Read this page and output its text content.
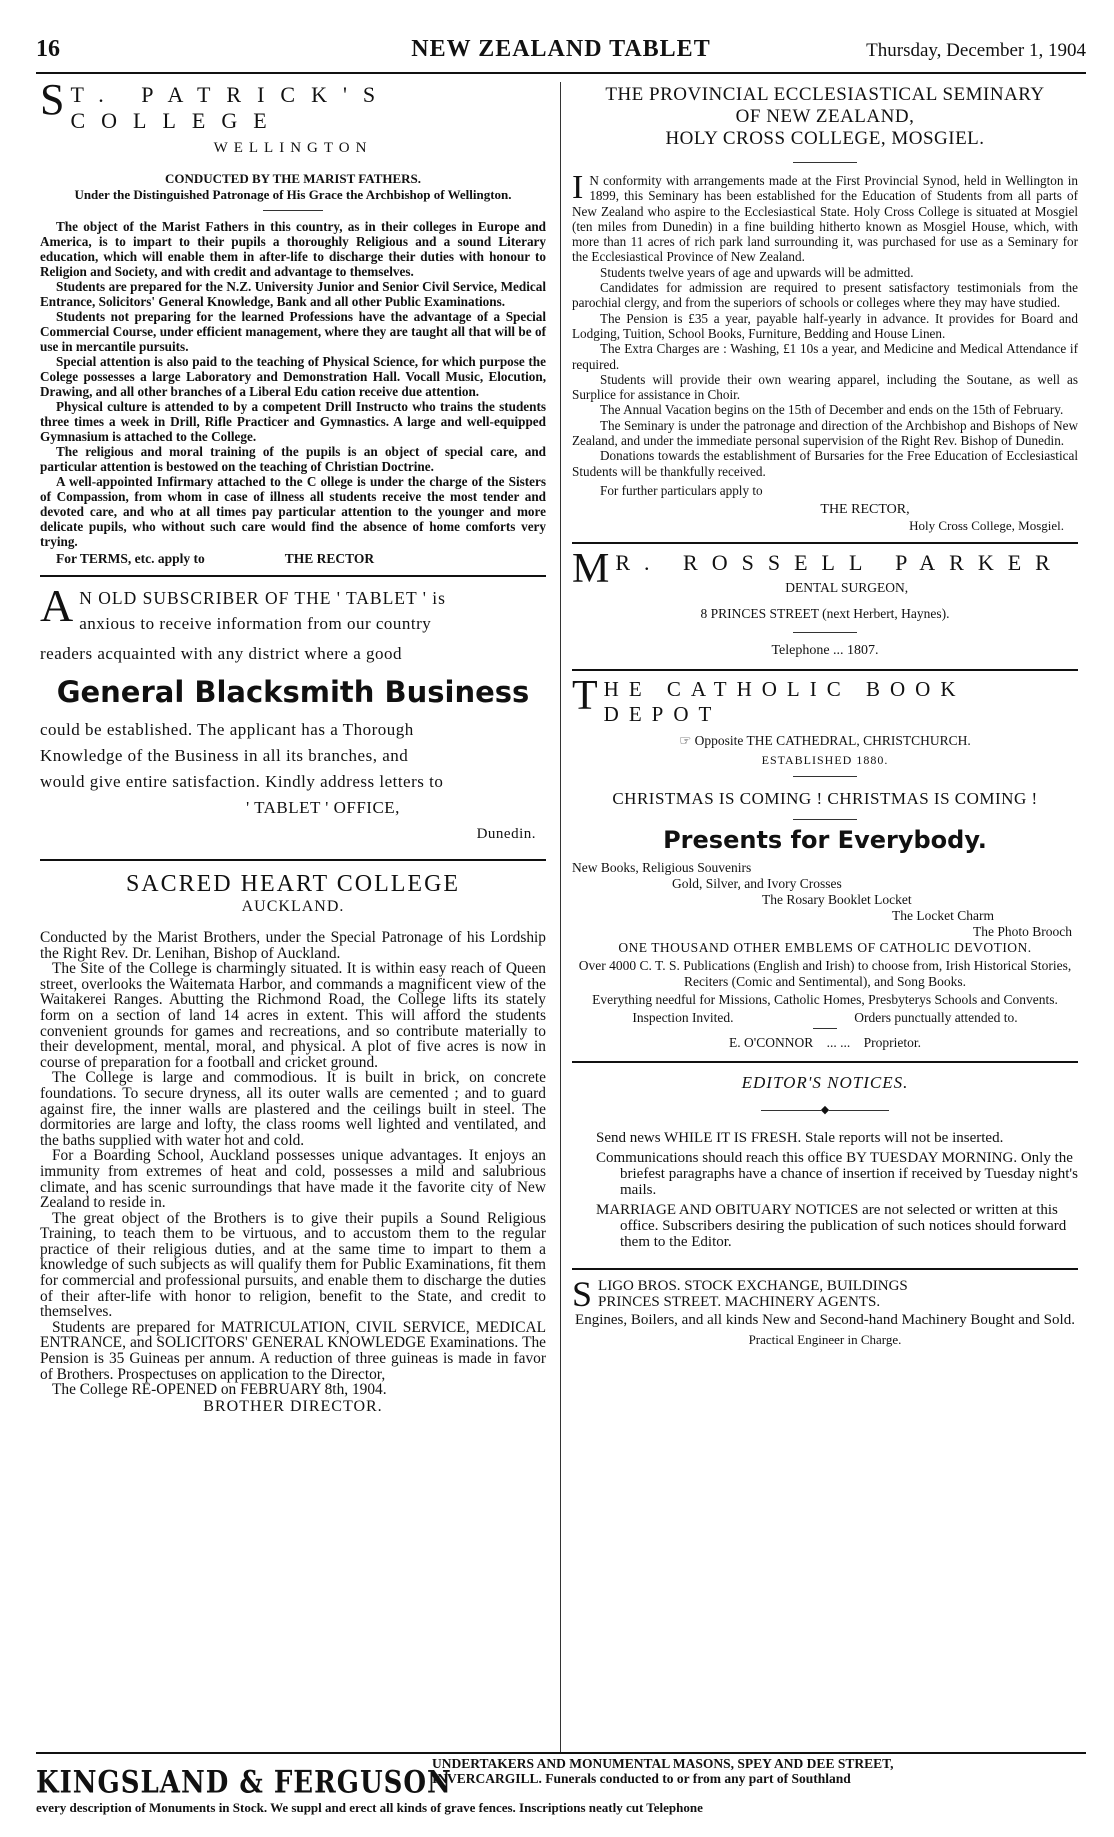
16	NEW ZEALAND TABLET	Thursday, December 1, 1904
S T. PATRICK'S COLLEGE
WELLINGTON
CONDUCTED BY THE MARIST FATHERS.
Under the Distinguished Patronage of His Grace the Archbishop of Wellington.

The object of the Marist Fathers in this country, as in their colleges in Europe and America, is to impart to their pupils a thoroughly Religious and a sound Literary education, which will enable them in after-life to discharge their duties with honour to Religion and Society, and with credit and advantage to themselves.

Students are prepared for the N.Z. University Junior and Senior Civil Service, Medical Entrance, Solicitors' General Knowledge, Bank and all other Public Examinations.

Students not preparing for the learned Professions have the advantage of a Special Commercial Course, under efficient management, where they are taught all that will be of use in mercantile pursuits.

Special attention is also paid to the teaching of Physical Science, for which purpose the Colege possesses a large Laboratory and Demonstration Hall. Vocall Music, Elocution, Drawing, and all other branches of a Liberal Edu cation receive due attention.

Physical culture is attended to by a competent Drill Instructo who trains the students three times a week in Drill, Rifle Practicer and Gymnastics. A large and well-equipped Gymnasium is attached to the College.

The religious and moral training of the pupils is an object of special care, and particular attention is bestowed on the teaching of Christian Doctrine.

A well-appointed Infirmary attached to the C ollege is under the charge of the Sisters of Compassion, from whom in case of illness all students receive the most tender and devoted care, and who at all times pay particular attention to the younger and more delicate pupils, who without such care would find the absence of home comforts very trying.

For TERMS, etc. apply to	THE RECTOR
A N OLD SUBSCRIBER OF THE ' TABLET ' is
anxious to receive information from our country
readers acquainted with any district where a good
General Blacksmith Business
could be established. The applicant has a Thorough
Knowledge of the Business in all its branches, and
would give entire satisfaction. Kindly address letters to
' TABLET ' OFFICE,
Dunedin.
SACRED HEART COLLEGE
AUCKLAND.

Conducted by the Marist Brothers, under the Special Patronage of his Lordship the Right Rev. Dr. Lenihan, Bishop of Auckland.

The Site of the College is charmingly situated. It is within easy reach of Queen street, overlooks the Waitemata Harbor, and commands a magnificent view of the Waitakerei Ranges. Abutting the Richmond Road, the College lifts its stately form on a section of land 14 acres in extent. This will afford the students convenient grounds for games and recreations, and so contribute materially to their development, mental, moral, and physical. A plot of five acres is now in course of preparation for a football and cricket ground.

The College is large and commodious. It is built in brick, on concrete foundations. To secure dryness, all its outer walls are cemented ; and to guard against fire, the inner walls are plastered and the ceilings built in steel. The dormitories are large and lofty, the class rooms well lighted and ventilated, and the baths supplied with water hot and cold.

For a Boarding School, Auckland possesses unique advantages. It enjoys an immunity from extremes of heat and cold, possesses a mild and salubrious climate, and has scenic surroundings that have made it the favorite city of New Zealand to reside in.

The great object of the Brothers is to give their pupils a Sound Religious Training, to teach them to be virtuous, and to accustom them to the regular practice of their religious duties, and at the same time to impart to them a knowledge of such subjects as will qualify them for Public Examinations, fit them for commercial and professional pursuits, and enable them to discharge the duties of their after-life with honor to religion, benefit to the State, and credit to themselves.

Students are prepared for MATRICULATION, CIVIL SERVICE, MEDICAL ENTRANCE, and SOLICITORS' GENERAL KNOWLEDGE Examinations. The Pension is 35 Guineas per annum. A reduction of three guineas is made in favor of Brothers. Prospectuses on application to the Director,

The College RE-OPENED on FEBRUARY 8th, 1904.

BROTHER DIRECTOR.
THE PROVINCIAL ECCLESIASTICAL SEMINARY
OF NEW ZEALAND,
HOLY CROSS COLLEGE, MOSGIEL.
I N conformity with arrangements made at the First Provincial Synod, held in Wellington in 1899, this Seminary has been established for the Education of Students from all parts of New Zealand who aspire to the Ecclesiastical State. Holy Cross College is situated at Mosgiel (ten miles from Dunedin) in a fine building hitherto known as Mosgiel House, which, with more than 11 acres of rich park land surrounding it, was purchased for use as a Seminary for the Ecclesiastical Province of New Zealand.

Students twelve years of age and upwards will be admitted.

Candidates for admission are required to present satisfactory testimonials from the parochial clergy, and from the superiors of schools or colleges where they may have studied.

The Pension is £35 a year, payable half-yearly in advance. It provides for Board and Lodging, Tuition, School Books, Furniture, Bedding and House Linen.

The Extra Charges are : Washing, £1 10s a year, and Medicine and Medical Attendance if required.

Students will provide their own wearing apparel, including the Soutane, as well as Surplice for assistance in Choir.

The Annual Vacation begins on the 15th of December and ends on the 15th of February.

The Seminary is under the patronage and direction of the Archbishop and Bishops of New Zealand, and under the immediate personal supervision of the Right Rev. Bishop of Dunedin.

Donations towards the establishment of Bursaries for the Free Education of Ecclesiastical Students will be thankfully received.

For further particulars apply to

THE RECTOR,
Holy Cross College, Mosgiel.
M R. ROSSELL PARKER
DENTAL SURGEON,
8 PRINCES STREET (next Herbert, Haynes).
Telephone ... 1807.
T HE CATHOLIC BOOK DEPOT
☞ Opposite THE CATHEDRAL, CHRISTCHURCH.
ESTABLISHED 1880.
CHRISTMAS IS COMING ! CHRISTMAS IS COMING !
Presents for Everybody.
New Books, Religious Souvenirs
Gold, Silver, and Ivory Crosses
The Rosary Booklet Locket
The Locket Charm
The Photo Brooch
ONE THOUSAND OTHER EMBLEMS OF CATHOLIC DEVOTION.
Over 4000 C. T. S. Publications (English and Irish) to choose from, Irish Historical Stories, Reciters (Comic and Sentimental), and Song Books.
Everything needful for Missions, Catholic Homes, Presbyterys Schools and Convents.
Inspection Invited.	Orders punctually attended to.
E. O'CONNOR ... ... Proprietor.
EDITOR'S NOTICES.
◆
Send news WHILE IT IS FRESH. Stale reports will not be inserted.
Communications should reach this office BY TUESDAY MORNING. Only the briefest paragraphs have a chance of insertion if received by Tuesday night's mails.
MARRIAGE AND OBITUARY NOTICES are not selected or written at this office. Subscribers desiring the publication of such notices should forward them to the Editor.
S LIGO BROS. STOCK EXCHANGE, BUILDINGS
PRINCES STREET. MACHINERY AGENTS.
Engines, Boilers, and all kinds New and Second-hand Machinery Bought and Sold.
Practical Engineer in Charge.
KINGSLAND & FERGUSON
UNDERTAKERS AND MONUMENTAL MASONS, SPEY AND DEE STREET,
INVERCARGILL. Funerals conducted to or from any part of Southland
every description of Monuments in Stock. We suppl and erect all kinds of grave fences. Inscriptions neatly cut Telephone
